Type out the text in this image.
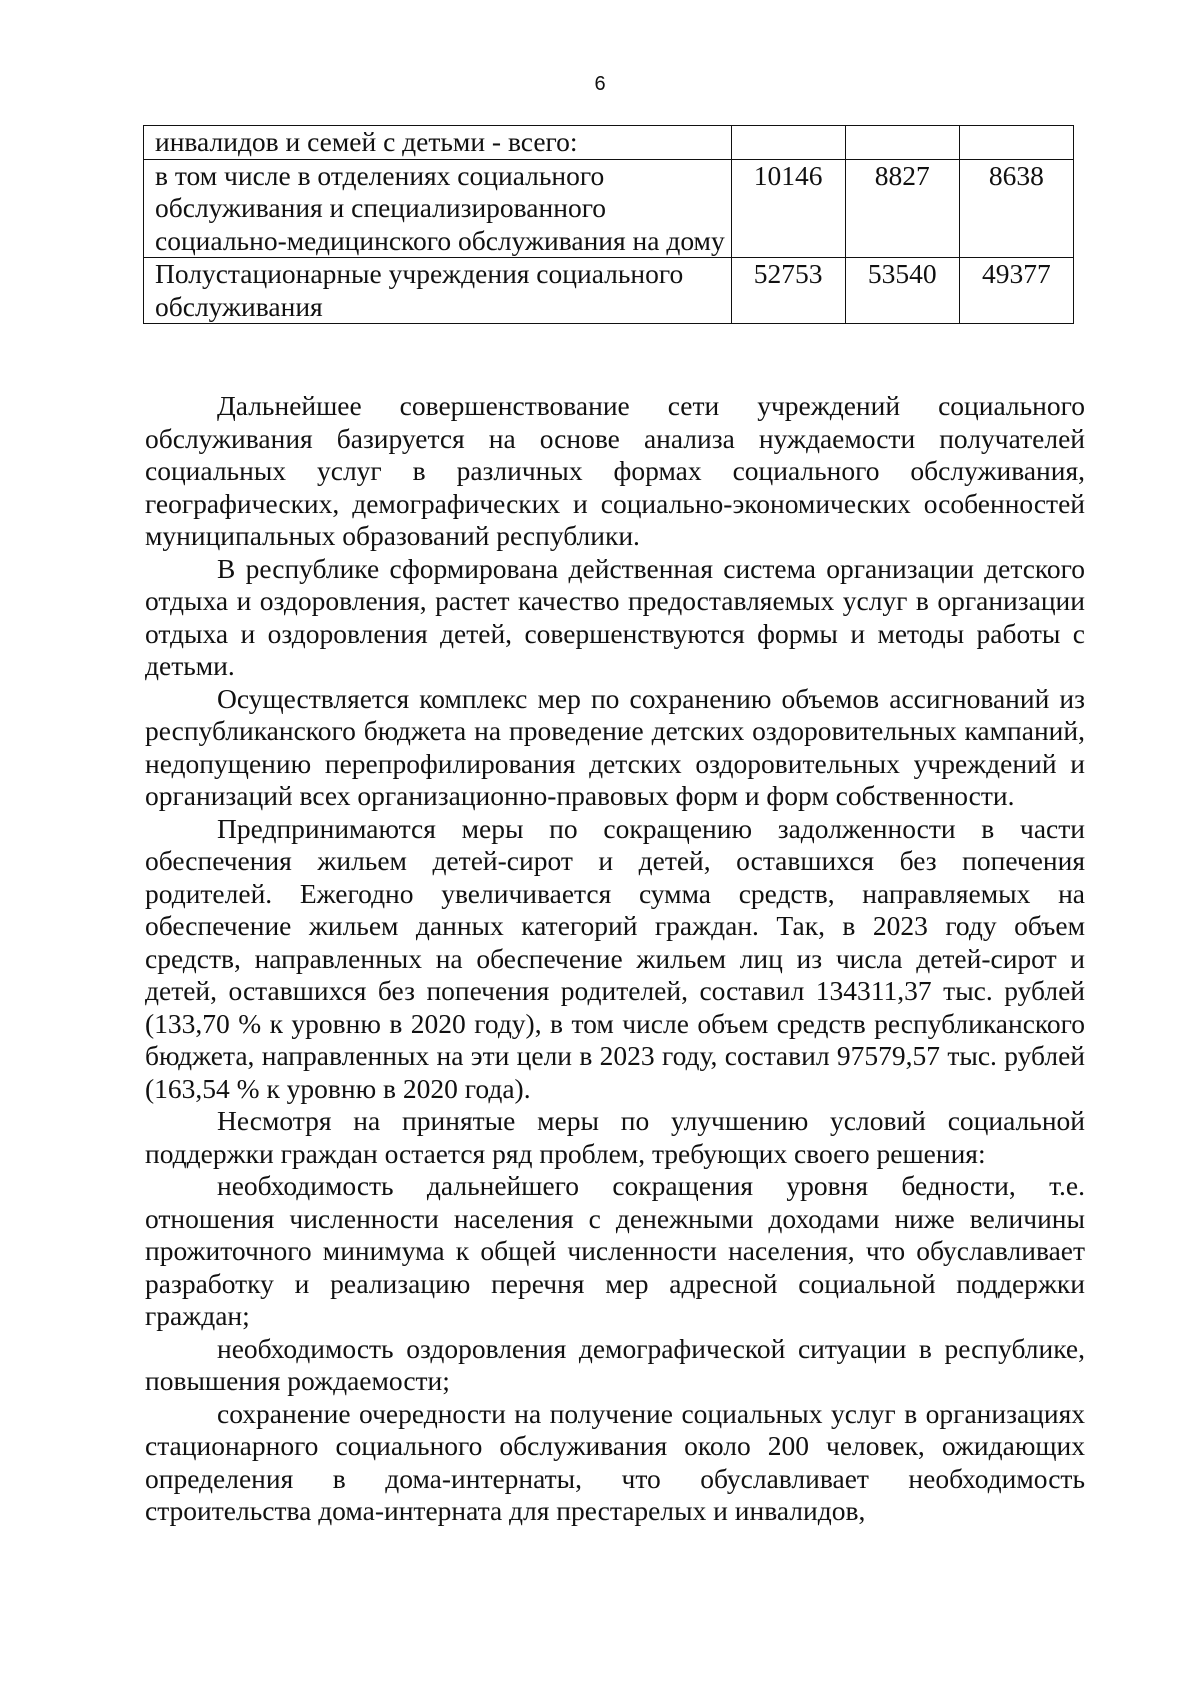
6
инвалидов и семей с детьми - всего:			
в том числе в отделениях социального обслуживания и специализированного социально-медицинского обслуживания на дому	10146	8827	8638
Полустационарные учреждения социального обслуживания	52753	53540	49377

Дальнейшее совершенствование сети учреждений социального обслуживания базируется на основе анализа нуждаемости получателей социальных услуг в различных формах социального обслуживания, географических, демографических и социально-экономических особенностей муниципальных образований республики.

В республике сформирована действенная система организации детского отдыха и оздоровления, растет качество предоставляемых услуг в организации отдыха и оздоровления детей, совершенствуются формы и методы работы с детьми.

Осуществляется комплекс мер по сохранению объемов ассигнований из республиканского бюджета на проведение детских оздоровительных кампаний, недопущению перепрофилирования детских оздоровительных учреждений и организаций всех организационно-правовых форм и форм собственности.

Предпринимаются меры по сокращению задолженности в части обеспечения жильем детей-сирот и детей, оставшихся без попечения родителей. Ежегодно увеличивается сумма средств, направляемых на обеспечение жильем данных категорий граждан. Так, в 2023 году объем средств, направленных на обеспечение жильем лиц из числа детей-сирот и детей, оставшихся без попечения родителей, составил 134311,37 тыс. рублей (133,70 % к уровню в 2020 году), в том числе объем средств республиканского бюджета, направленных на эти цели в 2023 году, составил 97579,57 тыс. рублей (163,54 % к уровню в 2020 года).

Несмотря на принятые меры по улучшению условий социальной поддержки граждан остается ряд проблем, требующих своего решения:

необходимость дальнейшего сокращения уровня бедности, т.е. отношения численности населения с денежными доходами ниже величины прожиточного минимума к общей численности населения, что обуславливает разработку и реализацию перечня мер адресной социальной поддержки граждан;

необходимость оздоровления демографической ситуации в республике, повышения рождаемости;

сохранение очередности на получение социальных услуг в организациях стационарного социального обслуживания около 200 человек, ожидающих определения в дома-интернаты, что обуславливает необходимость строительства дома-интерната для престарелых и инвалидов,
